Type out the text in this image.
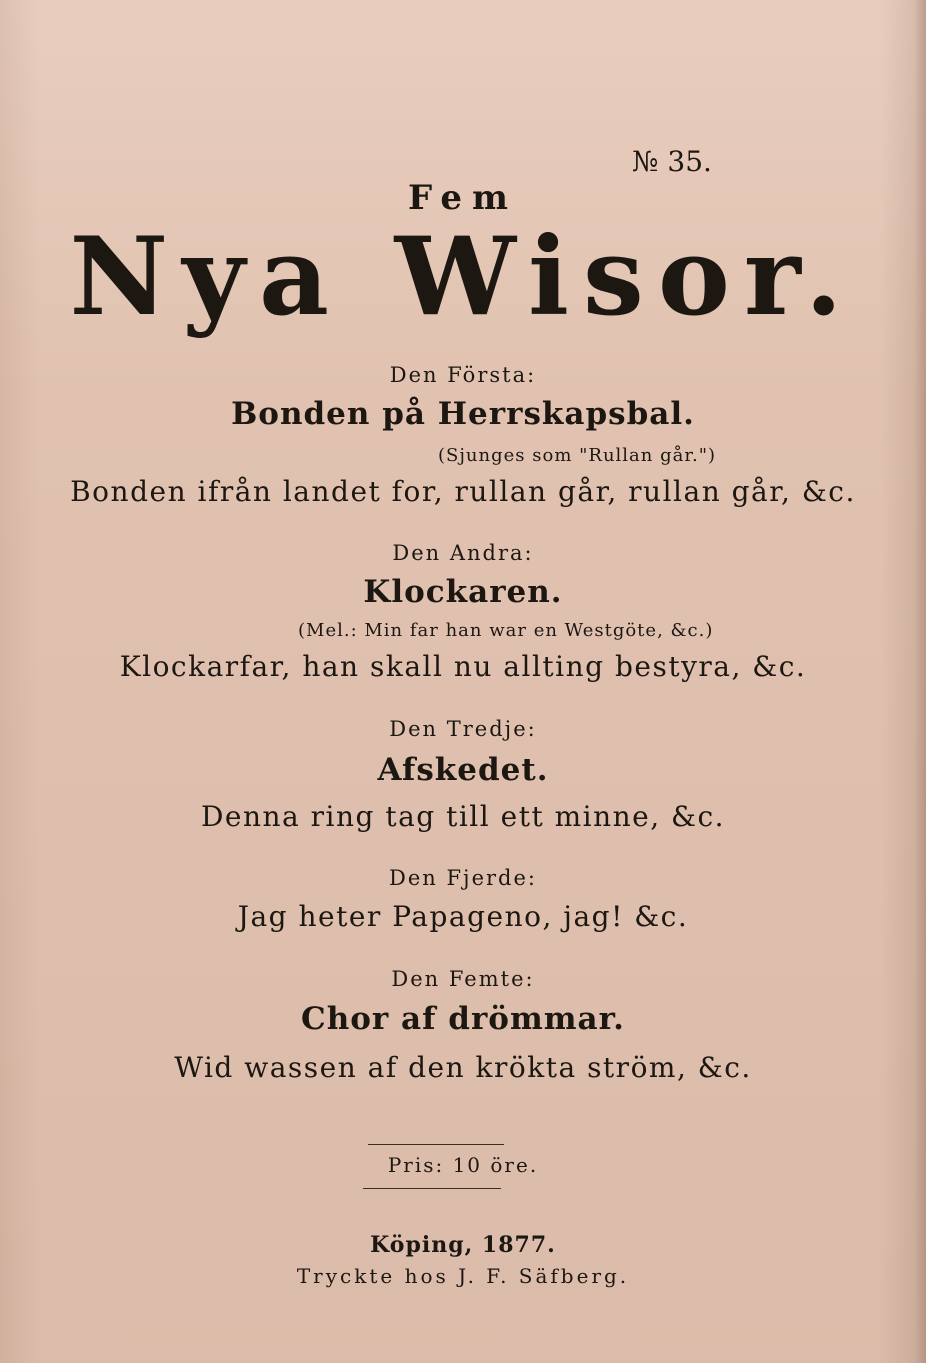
№ 35.
Fem
Nya Wisor.
Den Första:
Bonden på Herrskapsbal.
(Sjunges som "Rullan går.")
Bonden ifrån landet for, rullan går, rullan går, &c.
Den Andra:
Klockaren.
(Mel.: Min far han war en Westgöte, &c.)
Klockarfar, han skall nu allting bestyra, &c.
Den Tredje:
Afskedet.
Denna ring tag till ett minne, &c.
Den Fjerde:
Jag heter Papageno, jag! &c.
Den Femte:
Chor af drömmar.
Wid wassen af den krökta ström, &c.
Pris: 10 öre.
Köping, 1877.
Tryckte hos J. F. Säfberg.
